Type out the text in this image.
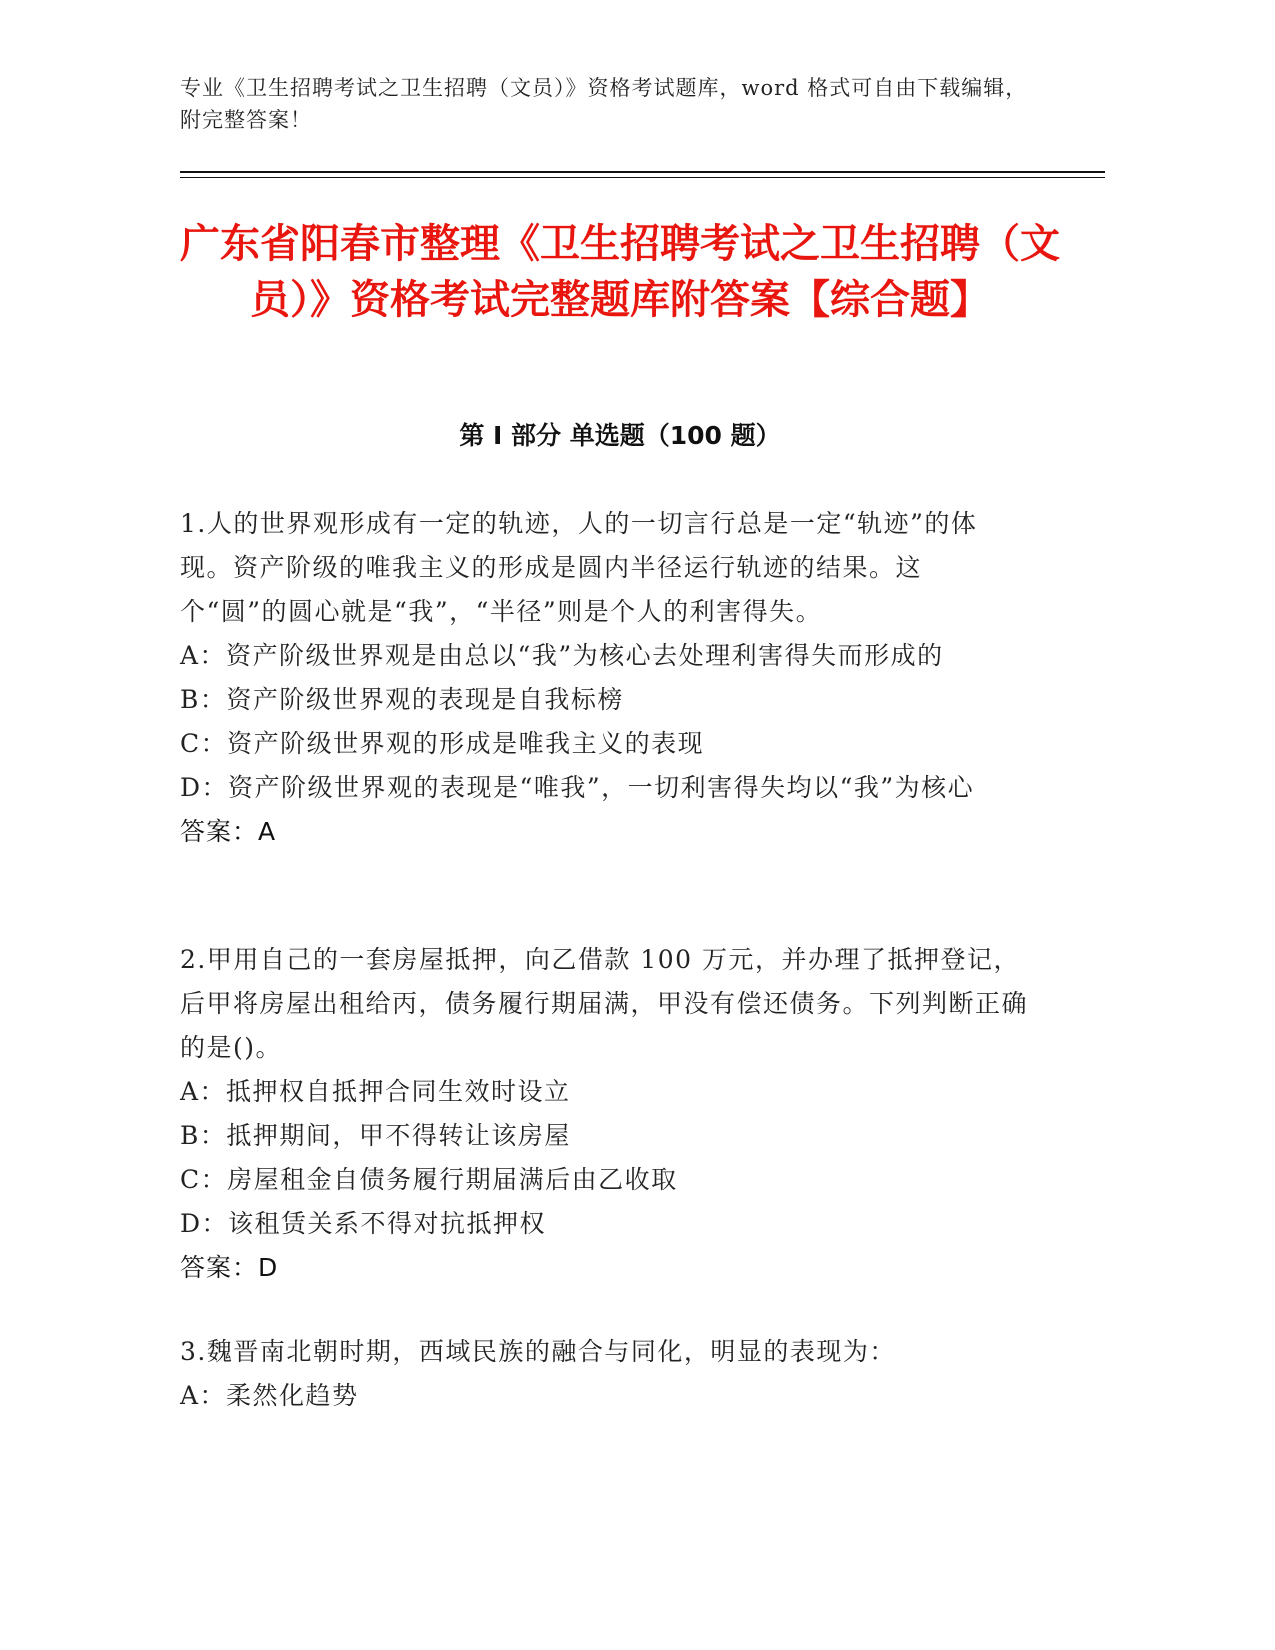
专业《卫生招聘考试之卫生招聘（文员）》资格考试题库，word 格式可自由下载编辑，附完整答案！
广东省阳春市整理《卫生招聘考试之卫生招聘（文员）》资格考试完整题库附答案【综合题】
第 I 部分 单选题（100 题）
1.人的世界观形成有一定的轨迹，人的一切言行总是一定“轨迹”的体现。资产阶级的唯我主义的形成是圆内半径运行轨迹的结果。这个“圆”的圆心就是“我”，“半径”则是个人的利害得失。
A：资产阶级世界观是由总以“我”为核心去处理利害得失而形成的
B：资产阶级世界观的表现是自我标榜
C：资产阶级世界观的形成是唯我主义的表现
D：资产阶级世界观的表现是“唯我”，一切利害得失均以“我”为核心
答案：A
2.甲用自己的一套房屋抵押，向乙借款 100 万元，并办理了抵押登记，后甲将房屋出租给丙，债务履行期届满，甲没有偿还债务。下列判断正确的是()。
A：抵押权自抵押合同生效时设立
B：抵押期间，甲不得转让该房屋
C：房屋租金自债务履行期届满后由乙收取
D：该租赁关系不得对抗抵押权
答案：D
3.魏晋南北朝时期，西域民族的融合与同化，明显的表现为：
A：柔然化趋势
